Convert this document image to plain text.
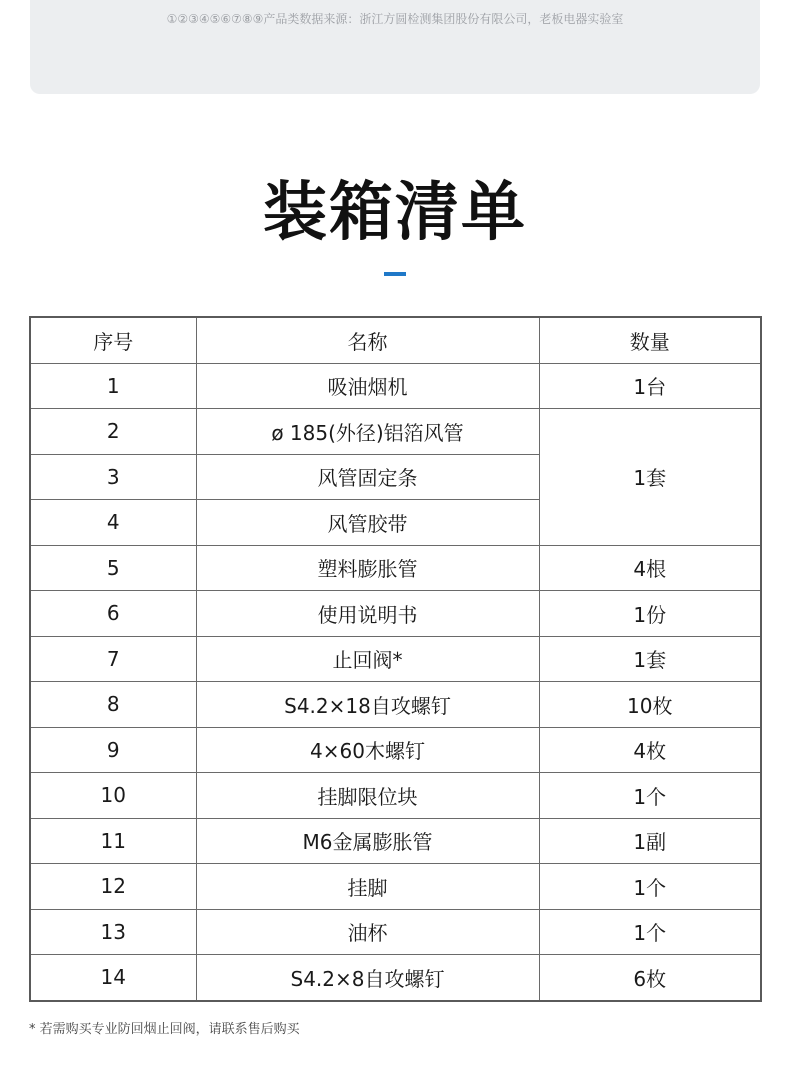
①②③④⑤⑥⑦⑧⑨产品类数据来源：浙江方圆检测集团股份有限公司，老板电器实验室
装箱清单
序号	名称	数量
1	吸油烟机	1台
2	ø 185(外径)铝箔风管	1套
3	风管固定条	
4	风管胶带	
5	塑料膨胀管	4根
6	使用说明书	1份
7	止回阀*	1套
8	S4.2×18自攻螺钉	10枚
9	4×60木螺钉	4枚
10	挂脚限位块	1个
11	M6金属膨胀管	1副
12	挂脚	1个
13	油杯	1个
14	S4.2×8自攻螺钉	6枚
* 若需购买专业防回烟止回阀，请联系售后购买
